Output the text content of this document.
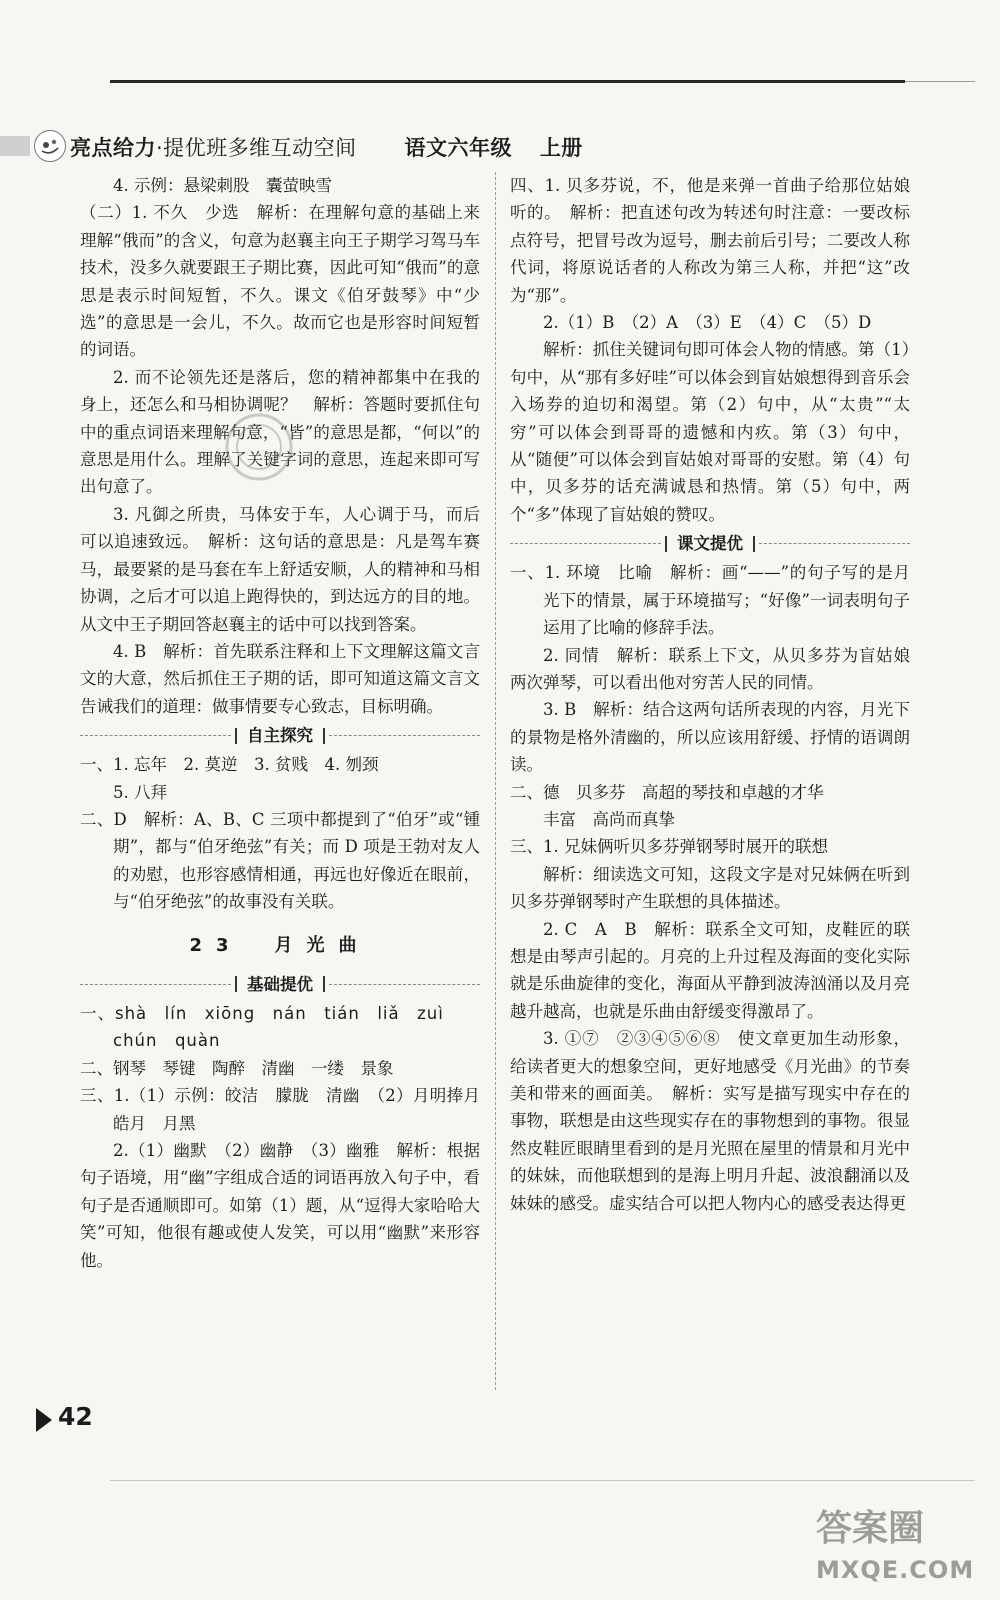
亮点给力·提优班多维互动空间 语文六年级 上册

4. 示例：悬梁刺股　囊萤映雪

（二）1. 不久　少选　解析：在理解句意的基础上来理解“俄而”的含义，句意为赵襄主向王子期学习驾马车技术，没多久就要跟王子期比赛，因此可知“俄而”的意思是表示时间短暂，不久。课文《伯牙鼓琴》中“少选”的意思是一会儿，不久。故而它也是形容时间短暂的词语。

2. 而不论领先还是落后，您的精神都集中在我的身上，还怎么和马相协调呢？　解析：答题时要抓住句中的重点词语来理解句意，“皆”的意思是都，“何以”的意思是用什么。理解了关键字词的意思，连起来即可写出句意了。

3. 凡御之所贵，马体安于车，人心调于马，而后可以追速致远。　解析：这句话的意思是：凡是驾车赛马，最要紧的是马套在车上舒适安顺，人的精神和马相协调，之后才可以追上跑得快的，到达远方的目的地。从文中王子期回答赵襄主的话中可以找到答案。

4. B　解析：首先联系注释和上下文理解这篇文言文的大意，然后抓住王子期的话，即可知道这篇文言文告诫我们的道理：做事情要专心致志，目标明确。

自主探究

一、1. 忘年　2. 莫逆　3. 贫贱　4. 刎颈

5. 八拜

二、D　解析：A、B、C 三项中都提到了“伯牙”或“锺期”，都与“伯牙绝弦”有关；而 D 项是王勃对友人的劝慰，也形容感情相通，再远也好像近在眼前，与“伯牙绝弦”的故事没有关联。

23　月光曲
基础提优

一、shà　lín　xiōng　nán　tián　liǎ　zuì

chún　quàn

二、钢琴　琴键　陶醉　清幽　一缕　景象

三、1.（1）示例：皎洁　朦胧　清幽　（2）月明捧月　皓月　月黑

2.（1）幽默　（2）幽静　（3）幽雅　解析：根据句子语境，用“幽”字组成合适的词语再放入句子中，看句子是否通顺即可。如第（1）题，从“逗得大家哈哈大笑”可知，他很有趣或使人发笑，可以用“幽默”来形容他。

四、1. 贝多芬说，不，他是来弹一首曲子给那位姑娘听的。　解析：把直述句改为转述句时注意：一要改标点符号，把冒号改为逗号，删去前后引号；二要改人称代词，将原说话者的人称改为第三人称，并把“这”改为“那”。

2.（1）B　（2）A　（3）E　（4）C　（5）D

解析：抓住关键词句即可体会人物的情感。第（1）句中，从“那有多好哇”可以体会到盲姑娘想得到音乐会入场券的迫切和渴望。第（2）句中，从“太贵”“太穷”可以体会到哥哥的遗憾和内疚。第（3）句中，从“随便”可以体会到盲姑娘对哥哥的安慰。第（4）句中，贝多芬的话充满诚恳和热情。第（5）句中，两个“多”体现了盲姑娘的赞叹。

课文提优

一、1. 环境　比喻　解析：画“——”的句子写的是月光下的情景，属于环境描写；“好像”一词表明句子运用了比喻的修辞手法。

2. 同情　解析：联系上下文，从贝多芬为盲姑娘两次弹琴，可以看出他对穷苦人民的同情。

3. B　解析：结合这两句话所表现的内容，月光下的景物是格外清幽的，所以应该用舒缓、抒情的语调朗读。

二、德　贝多芬　高超的琴技和卓越的才华

丰富　高尚而真挚

三、1. 兄妹俩听贝多芬弹钢琴时展开的联想

解析：细读选文可知，这段文字是对兄妹俩在听到贝多芬弹钢琴时产生联想的具体描述。

2. C　A　B　解析：联系全文可知，皮鞋匠的联想是由琴声引起的。月亮的上升过程及海面的变化实际就是乐曲旋律的变化，海面从平静到波涛汹涌以及月亮越升越高，也就是乐曲由舒缓变得激昂了。

3. ①⑦　②③④⑤⑥⑧　使文章更加生动形象，给读者更大的想象空间，更好地感受《月光曲》的节奏美和带来的画面美。　解析：实写是描写现实中存在的事物，联想是由这些现实存在的事物想到的事物。很显然皮鞋匠眼睛里看到的是月光照在屋里的情景和月光中的妹妹，而他联想到的是海上明月升起、波浪翻涌以及妹妹的感受。虚实结合可以把人物内心的感受表达得更

42
答案圈
MXQE.COM
